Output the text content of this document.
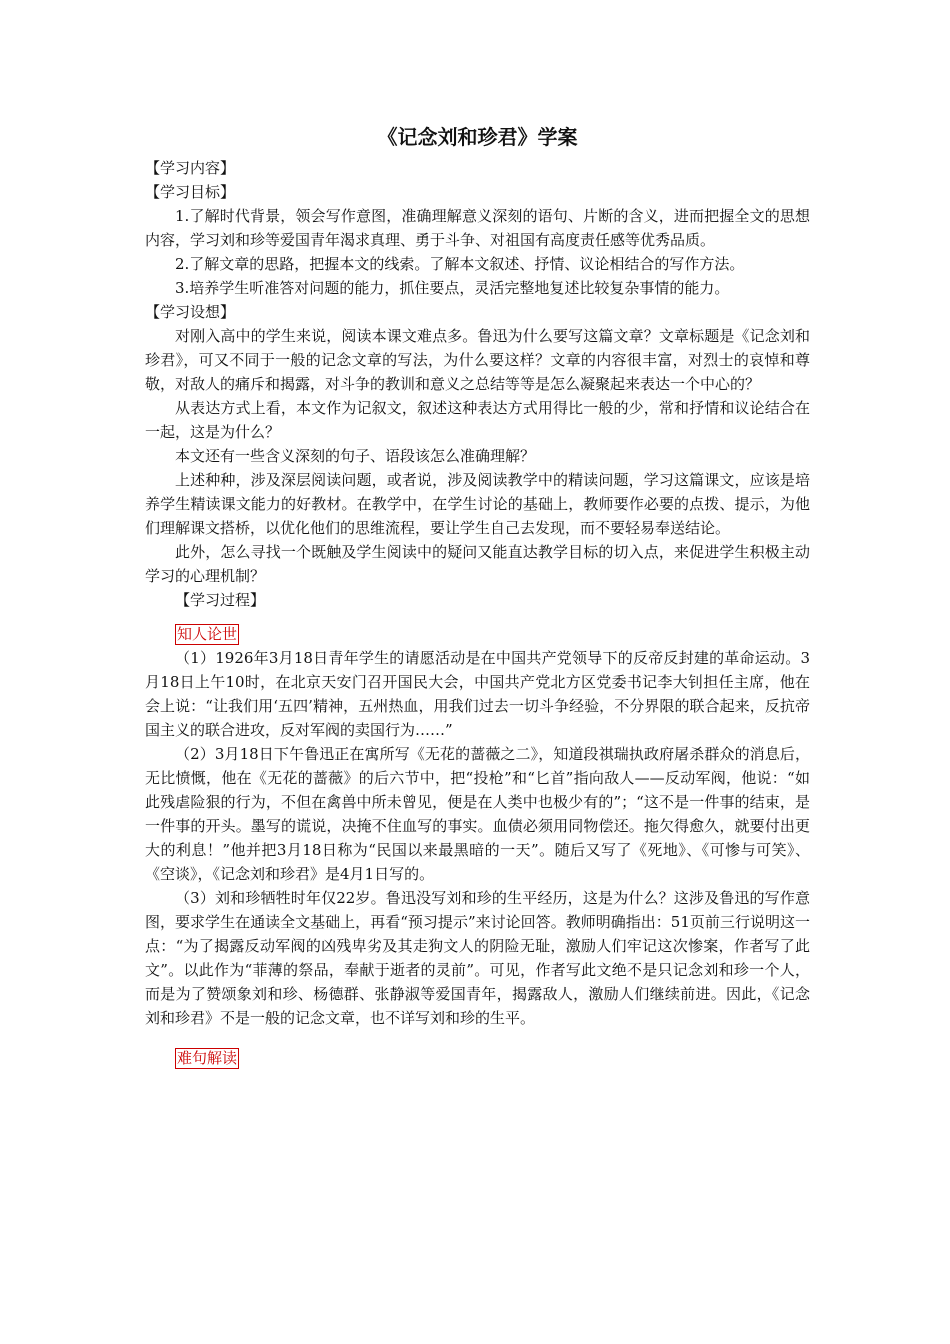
《记念刘和珍君》学案
【学习内容】
【学习目标】

1.了解时代背景，领会写作意图，准确理解意义深刻的语句、片断的含义，进而把握全文的思想内容，学习刘和珍等爱国青年渴求真理、勇于斗争、对祖国有高度责任感等优秀品质。

2.了解文章的思路，把握本文的线索。了解本文叙述、抒情、议论相结合的写作方法。

3.培养学生听准答对问题的能力，抓住要点，灵活完整地复述比较复杂事情的能力。

【学习设想】

对刚入高中的学生来说，阅读本课文难点多。鲁迅为什么要写这篇文章？文章标题是《记念刘和珍君》，可又不同于一般的记念文章的写法，为什么要这样？文章的内容很丰富，对烈士的哀悼和尊敬，对敌人的痛斥和揭露，对斗争的教训和意义之总结等等是怎么凝聚起来表达一个中心的？

从表达方式上看，本文作为记叙文，叙述这种表达方式用得比一般的少，常和抒情和议论结合在一起，这是为什么？

本文还有一些含义深刻的句子、语段该怎么准确理解？

上述种种，涉及深层阅读问题，或者说，涉及阅读教学中的精读问题，学习这篇课文，应该是培养学生精读课文能力的好教材。在教学中，在学生讨论的基础上，教师要作必要的点拨、提示，为他们理解课文搭桥，以优化他们的思维流程，要让学生自己去发现，而不要轻易奉送结论。

此外，怎么寻找一个既触及学生阅读中的疑问又能直达教学目标的切入点，来促进学生积极主动学习的心理机制？

【学习过程】
知人论世

（1）1926年3月18日青年学生的请愿活动是在中国共产党领导下的反帝反封建的革命运动。3月18日上午10时，在北京天安门召开国民大会，中国共产党北方区党委书记李大钊担任主席，他在会上说：“让我们用‘五四’精神，五州热血，用我们过去一切斗争经验，不分界限的联合起来，反抗帝国主义的联合进攻，反对军阀的卖国行为……”

（2）3月18日下午鲁迅正在寓所写《无花的蔷薇之二》，知道段祺瑞执政府屠杀群众的消息后，无比愤慨，他在《无花的蔷薇》的后六节中，把“投枪”和“匕首”指向敌人——反动军阀，他说：“如此残虐险狠的行为，不但在禽兽中所未曾见，便是在人类中也极少有的”；“这不是一件事的结束，是一件事的开头。墨写的谎说，决掩不住血写的事实。血债必须用同物偿还。拖欠得愈久，就要付出更大的利息！”他并把3月18日称为“民国以来最黑暗的一天”。随后又写了《死地》、《可惨与可笑》、《空谈》，《记念刘和珍君》是4月1日写的。

（3）刘和珍牺牲时年仅22岁。鲁迅没写刘和珍的生平经历，这是为什么？这涉及鲁迅的写作意图，要求学生在通读全文基础上，再看“预习提示”来讨论回答。教师明确指出：51页前三行说明这一点：“为了揭露反动军阀的凶残卑劣及其走狗文人的阴险无耻，激励人们牢记这次惨案，作者写了此文”。以此作为“菲薄的祭品，奉献于逝者的灵前”。可见，作者写此文绝不是只记念刘和珍一个人，而是为了赞颂象刘和珍、杨德群、张静淑等爱国青年，揭露敌人，激励人们继续前进。因此，《记念刘和珍君》不是一般的记念文章，也不详写刘和珍的生平。

难句解读
